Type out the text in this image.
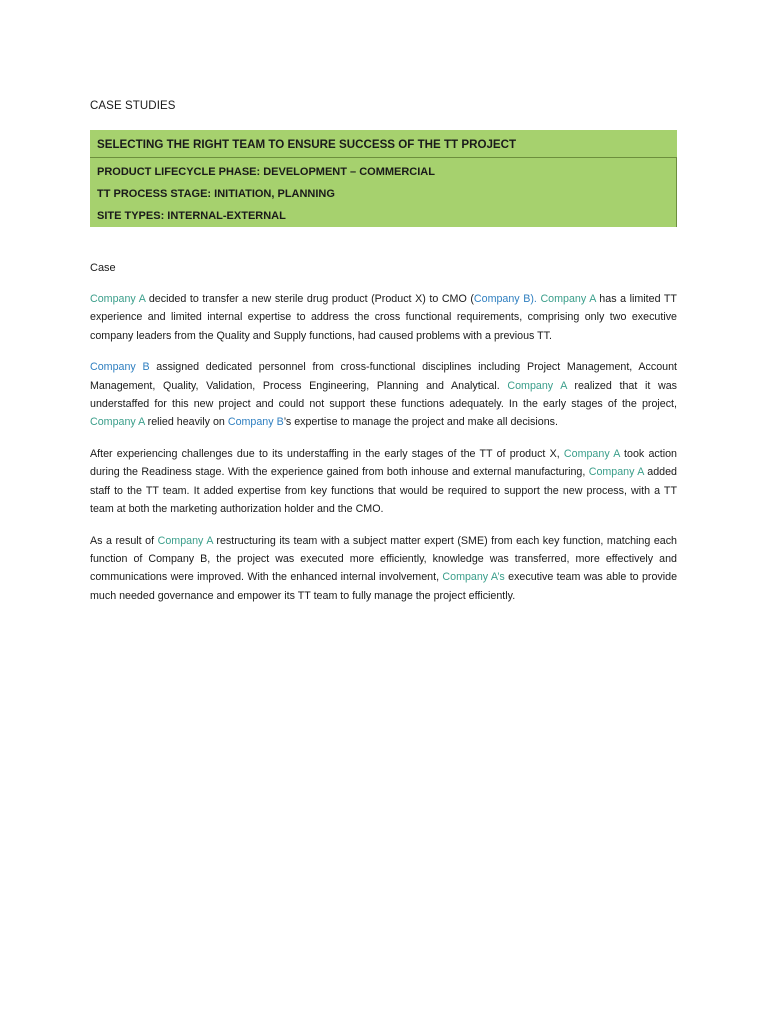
CASE STUDIES
SELECTING THE RIGHT TEAM TO ENSURE SUCCESS OF THE TT PROJECT
PRODUCT LIFECYCLE PHASE: DEVELOPMENT – COMMERCIAL
TT PROCESS STAGE: INITIATION, PLANNING
SITE TYPES: INTERNAL-EXTERNAL
Case

Company A decided to transfer a new sterile drug product (Product X) to CMO (Company B). Company A has a limited TT experience and limited internal expertise to address the cross functional requirements, comprising only two executive company leaders from the Quality and Supply functions, had caused problems with a previous TT.

Company B assigned dedicated personnel from cross-functional disciplines including Project Management, Account Management, Quality, Validation, Process Engineering, Planning and Analytical. Company A realized that it was understaffed for this new project and could not support these functions adequately. In the early stages of the project, Company A relied heavily on Company B’s expertise to manage the project and make all decisions.

After experiencing challenges due to its understaffing in the early stages of the TT of product X, Company A took action during the Readiness stage. With the experience gained from both inhouse and external manufacturing, Company A added staff to the TT team. It added expertise from key functions that would be required to support the new process, with a TT team at both the marketing authorization holder and the CMO.

As a result of Company A restructuring its team with a subject matter expert (SME) from each key function, matching each function of Company B, the project was executed more efficiently, knowledge was transferred, more effectively and communications were improved. With the enhanced internal involvement, Company A’s executive team was able to provide much needed governance and empower its TT team to fully manage the project efficiently.
